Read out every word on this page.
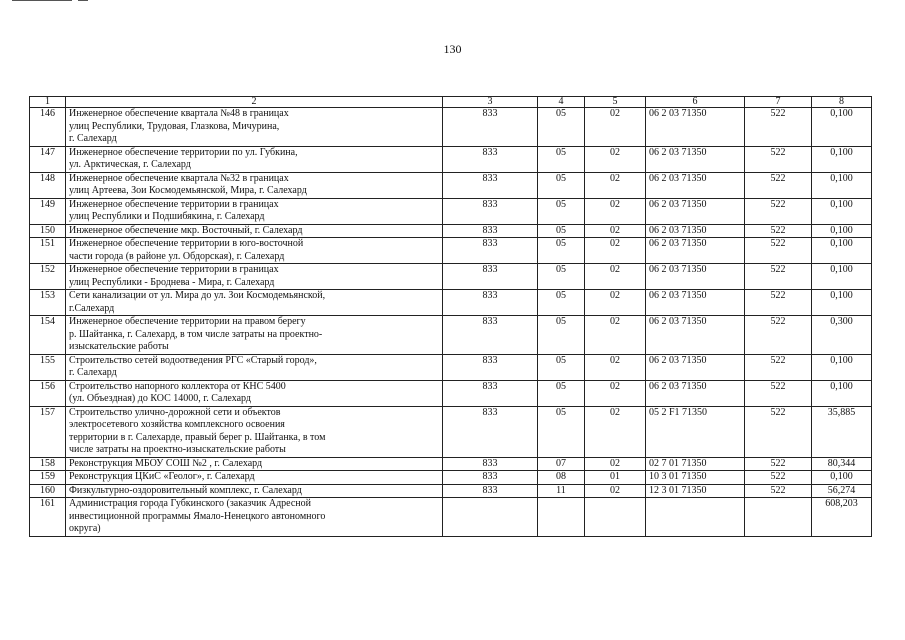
130
1	2	3	4	5	6	7	8
146	Инженерное обеспечение квартала №48 в границах
улиц Республики, Трудовая, Глазкова, Мичурина,
г. Салехард	833	05	02	06 2 03 71350	522	0,100
147	Инженерное обеспечение территории по ул. Губкина,
ул. Арктическая, г. Салехард	833	05	02	06 2 03 71350	522	0,100
148	Инженерное обеспечение квартала №32 в границах
улиц Артеева, Зои Космодемьянской, Мира, г. Салехард	833	05	02	06 2 03 71350	522	0,100
149	Инженерное обеспечение территории в границах
улиц Республики и Подшибякина, г. Салехард	833	05	02	06 2 03 71350	522	0,100
150	Инженерное обеспечение мкр. Восточный, г. Салехард	833	05	02	06 2 03 71350	522	0,100
151	Инженерное обеспечение территории в юго-восточной
части города (в районе ул. Обдорская), г. Салехард	833	05	02	06 2 03 71350	522	0,100
152	Инженерное обеспечение территории в границах
улиц Республики - Броднева - Мира, г. Салехард	833	05	02	06 2 03 71350	522	0,100
153	Сети канализации от ул. Мира до ул. Зои Космодемьянской,
г.Салехард	833	05	02	06 2 03 71350	522	0,100
154	Инженерное обеспечение территории на правом берегу
р. Шайтанка, г. Салехард, в том числе затраты на проектно-
изыскательские работы	833	05	02	06 2 03 71350	522	0,300
155	Строительство сетей водоотведения РГС «Старый город»,
г. Салехард	833	05	02	06 2 03 71350	522	0,100
156	Строительство напорного коллектора от КНС 5400
(ул. Объездная) до КОС 14000, г. Салехард	833	05	02	06 2 03 71350	522	0,100
157	Строительство улично-дорожной сети и объектов
электросетевого хозяйства комплексного освоения
территории в г. Салехарде, правый берег р. Шайтанка, в том
числе затраты на проектно-изыскательские работы	833	05	02	05 2 F1 71350	522	35,885
158	Реконструкция МБОУ СОШ №2 , г. Салехард	833	07	02	02 7 01 71350	522	80,344
159	Реконструкция ЦКиС «Геолог», г. Салехард	833	08	01	10 3 01 71350	522	0,100
160	Физкультурно-оздоровительный комплекс, г. Салехард	833	11	02	12 3 01 71350	522	56,274
161	Администрация города Губкинского (заказчик Адресной
инвестиционной программы Ямало-Ненецкого автономного
округа)						608,203
